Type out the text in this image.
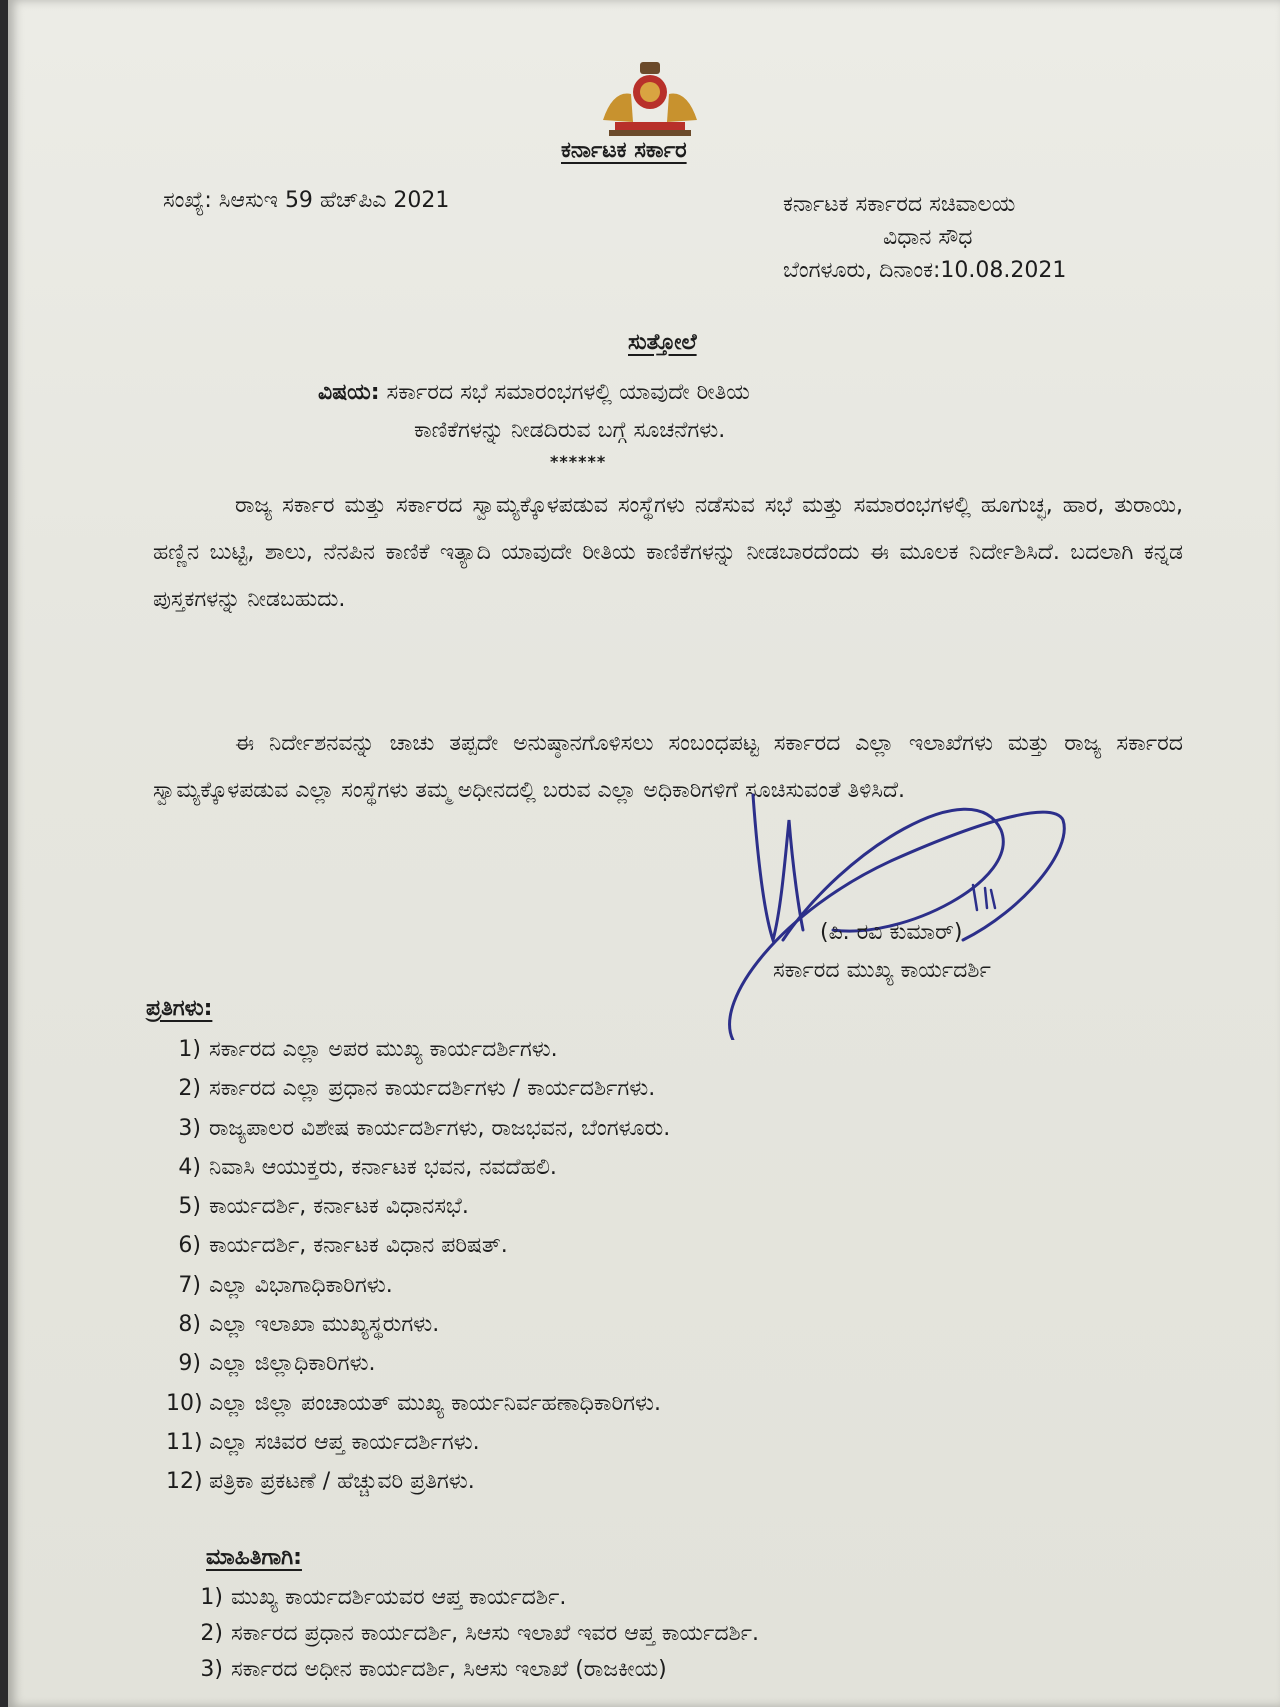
ಕರ್ನಾಟಕ ಸರ್ಕಾರ
ಸಂಖ್ಯೆ: ಸಿಆಸುಇ 59 ಹೆಚ್‌ಪಿಎ 2021	ಕರ್ನಾಟಕ ಸರ್ಕಾರದ ಸಚಿವಾಲಯ
ವಿಧಾನ ಸೌಧ
ಬೆಂಗಳೂರು, ದಿನಾಂಕ:10.08.2021
ಸುತ್ತೋಲೆ
ವಿಷಯ: ಸರ್ಕಾರದ ಸಭೆ ಸಮಾರಂಭಗಳಲ್ಲಿ ಯಾವುದೇ ರೀತಿಯ
ಕಾಣಿಕೆಗಳನ್ನು ನೀಡದಿರುವ ಬಗ್ಗೆ ಸೂಚನೆಗಳು.
******
ರಾಜ್ಯ ಸರ್ಕಾರ ಮತ್ತು ಸರ್ಕಾರದ ಸ್ವಾಮ್ಯಕ್ಕೊಳಪಡುವ ಸಂಸ್ಥೆಗಳು ನಡೆಸುವ ಸಭೆ ಮತ್ತು ಸಮಾರಂಭಗಳಲ್ಲಿ ಹೂಗುಚ್ಛ, ಹಾರ, ತುರಾಯಿ, ಹಣ್ಣಿನ ಬುಟ್ಟಿ, ಶಾಲು, ನೆನಪಿನ ಕಾಣಿಕೆ ಇತ್ಯಾದಿ ಯಾವುದೇ ರೀತಿಯ ಕಾಣಿಕೆಗಳನ್ನು ನೀಡಬಾರದೆಂದು ಈ ಮೂಲಕ ನಿರ್ದೇಶಿಸಿದೆ. ಬದಲಾಗಿ ಕನ್ನಡ ಪುಸ್ತಕಗಳನ್ನು ನೀಡಬಹುದು.
ಈ ನಿರ್ದೇಶನವನ್ನು ಚಾಚು ತಪ್ಪದೇ ಅನುಷ್ಠಾನಗೊಳಿಸಲು ಸಂಬಂಧಪಟ್ಟ ಸರ್ಕಾರದ ಎಲ್ಲಾ ಇಲಾಖೆಗಳು ಮತ್ತು ರಾಜ್ಯ ಸರ್ಕಾರದ ಸ್ವಾಮ್ಯಕ್ಕೊಳಪಡುವ ಎಲ್ಲಾ ಸಂಸ್ಥೆಗಳು ತಮ್ಮ ಅಧೀನದಲ್ಲಿ ಬರುವ ಎಲ್ಲಾ ಅಧಿಕಾರಿಗಳಿಗೆ ಸೂಚಿಸುವಂತೆ ತಿಳಿಸಿದೆ.
(ಪಿ. ರವಿ ಕುಮಾರ್)
ಸರ್ಕಾರದ ಮುಖ್ಯ ಕಾರ್ಯದರ್ಶಿ
ಪ್ರತಿಗಳು:
1) ಸರ್ಕಾರದ ಎಲ್ಲಾ ಅಪರ ಮುಖ್ಯ ಕಾರ್ಯದರ್ಶಿಗಳು.
2) ಸರ್ಕಾರದ ಎಲ್ಲಾ ಪ್ರಧಾನ ಕಾರ್ಯದರ್ಶಿಗಳು / ಕಾರ್ಯದರ್ಶಿಗಳು.
3) ರಾಜ್ಯಪಾಲರ ವಿಶೇಷ ಕಾರ್ಯದರ್ಶಿಗಳು, ರಾಜಭವನ, ಬೆಂಗಳೂರು.
4) ನಿವಾಸಿ ಆಯುಕ್ತರು, ಕರ್ನಾಟಕ ಭವನ, ನವದೆಹಲಿ.
5) ಕಾರ್ಯದರ್ಶಿ, ಕರ್ನಾಟಕ ವಿಧಾನಸಭೆ.
6) ಕಾರ್ಯದರ್ಶಿ, ಕರ್ನಾಟಕ ವಿಧಾನ ಪರಿಷತ್.
7) ಎಲ್ಲಾ ವಿಭಾಗಾಧಿಕಾರಿಗಳು.
8) ಎಲ್ಲಾ ಇಲಾಖಾ ಮುಖ್ಯಸ್ಥರುಗಳು.
9) ಎಲ್ಲಾ ಜಿಲ್ಲಾಧಿಕಾರಿಗಳು.
10) ಎಲ್ಲಾ ಜಿಲ್ಲಾ ಪಂಚಾಯತ್ ಮುಖ್ಯ ಕಾರ್ಯನಿರ್ವಹಣಾಧಿಕಾರಿಗಳು.
11) ಎಲ್ಲಾ ಸಚಿವರ ಆಪ್ತ ಕಾರ್ಯದರ್ಶಿಗಳು.
12) ಪತ್ರಿಕಾ ಪ್ರಕಟಣೆ / ಹೆಚ್ಚುವರಿ ಪ್ರತಿಗಳು.
ಮಾಹಿತಿಗಾಗಿ:
1) ಮುಖ್ಯ ಕಾರ್ಯದರ್ಶಿಯವರ ಆಪ್ತ ಕಾರ್ಯದರ್ಶಿ.
2) ಸರ್ಕಾರದ ಪ್ರಧಾನ ಕಾರ್ಯದರ್ಶಿ, ಸಿಆಸು ಇಲಾಖೆ ಇವರ ಆಪ್ತ ಕಾರ್ಯದರ್ಶಿ.
3) ಸರ್ಕಾರದ ಅಧೀನ ಕಾರ್ಯದರ್ಶಿ, ಸಿಆಸು ಇಲಾಖೆ (ರಾಜಕೀಯ)
